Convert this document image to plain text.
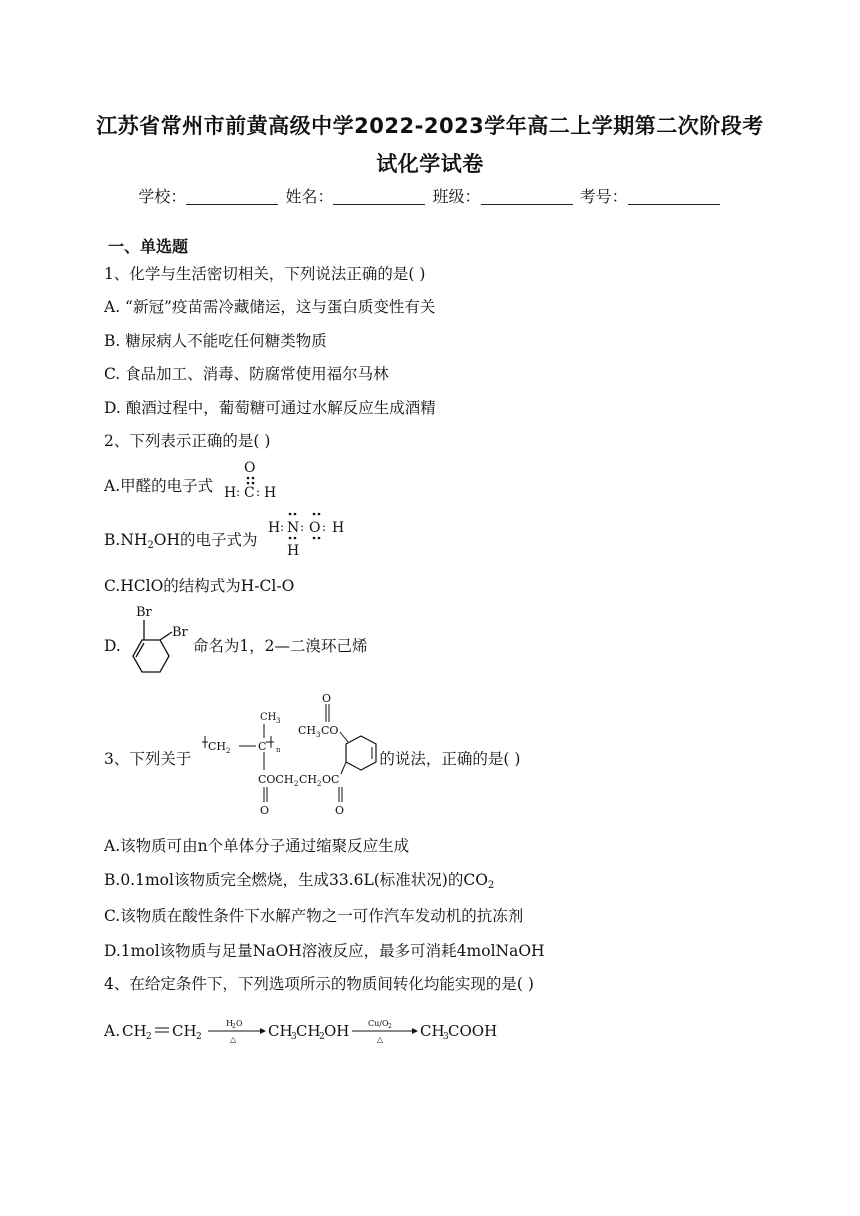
江苏省常州市前黄高级中学2022-2023学年高二上学期第二次阶段考
试化学试卷
学校：	姓名：	班级：	考号：
一、单选题
1、化学与生活密切相关，下列说法正确的是( )
A. “新冠”疫苗需冷藏储运，这与蛋白质变性有关
B. 糖尿病人不能吃任何糖类物质
C. 食品加工、消毒、防腐常使用福尔马林
D. 酿酒过程中，葡萄糖可通过水解反应生成酒精
2、下列表示正确的是( )
A.甲醛的电子式
O
H : C : H
$B.NH_2OH$的电子式为
H : N : O : H
H
C.HClO的结构式为H-Cl-O
D.	命名为1，2—二溴环己烯
Br
Br
3、下列关于	的说法，正确的是( )
CH 2	C n
CH 3
COCH 2 CH 2 OC
O	O
CH 3 CO
O
A.该物质可由n个单体分子通过缩聚反应生成
B.0.1mol该物质完全燃烧，生成33.6L(标准状况)的$CO_2$
C.该物质在酸性条件下水解产物之一可作汽车发动机的抗冻剂
D.1mol该物质与足量NaOH溶液反应，最多可消耗4molNaOH
4、在给定条件下，下列选项所示的物质间转化均能实现的是( )
A. CH 2 CH 2
H 2 O
△ CH
3 CH
2 OH Cu/O 2
△ CH
3 COOH
